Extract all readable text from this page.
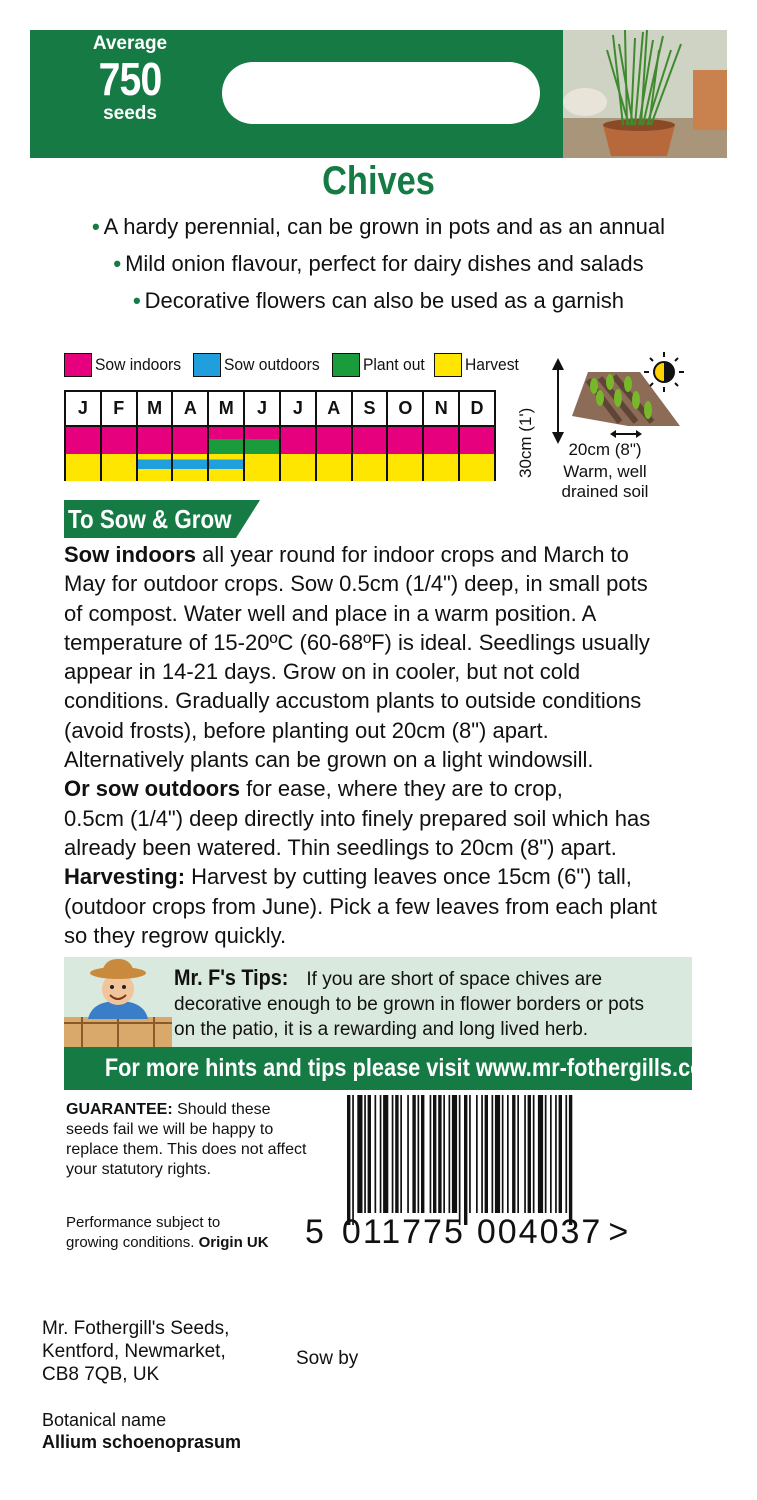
Average
750
seeds
Chives
• A hardy perennial, can be grown in pots and as an annual
• Mild onion flavour, perfect for dairy dishes and salads
• Decorative flowers can also be used as a garnish
Sow indoors Sow outdoors	Plant out Harvest
J	F	M	A	M	J	J	A	S	O	N	D	30cm (1')	20cm (8")
Warm, well
drained soil
To Sow & Grow
Sow indoors all year round for indoor crops and March to
May for outdoor crops. Sow 0.5cm (1/4") deep, in small pots
of compost. Water well and place in a warm position. A
temperature of 15-20ºC (60-68ºF) is ideal. Seedlings usually
appear in 14-21 days. Grow on in cooler, but not cold
conditions. Gradually accustom plants to outside conditions
(avoid frosts), before planting out 20cm (8") apart.
Alternatively plants can be grown on a light windowsill.
Or sow outdoors for ease, where they are to crop,
0.5cm (1/4") deep directly into finely prepared soil which has
already been watered. Thin seedlings to 20cm (8") apart.
Harvesting: Harvest by cutting leaves once 15cm (6") tall,
(outdoor crops from June). Pick a few leaves from each plant
so they regrow quickly.
Mr. F's Tips: If you are short of space chives are
decorative enough to be grown in flower borders or pots
on the patio, it is a rewarding and long lived herb.
For more hints and tips please visit www.mr-fothergills.co.uk
GUARANTEE: Should these seeds fail we will be happy to replace them. This does not affect your statutory rights.
Performance subject to
growing conditions. Origin UK	5 011775 004037 >
Mr. Fothergill's Seeds,
Kentford, Newmarket,
CB8 7QB, UK
Sow by
Botanical name
Allium schoenoprasum
